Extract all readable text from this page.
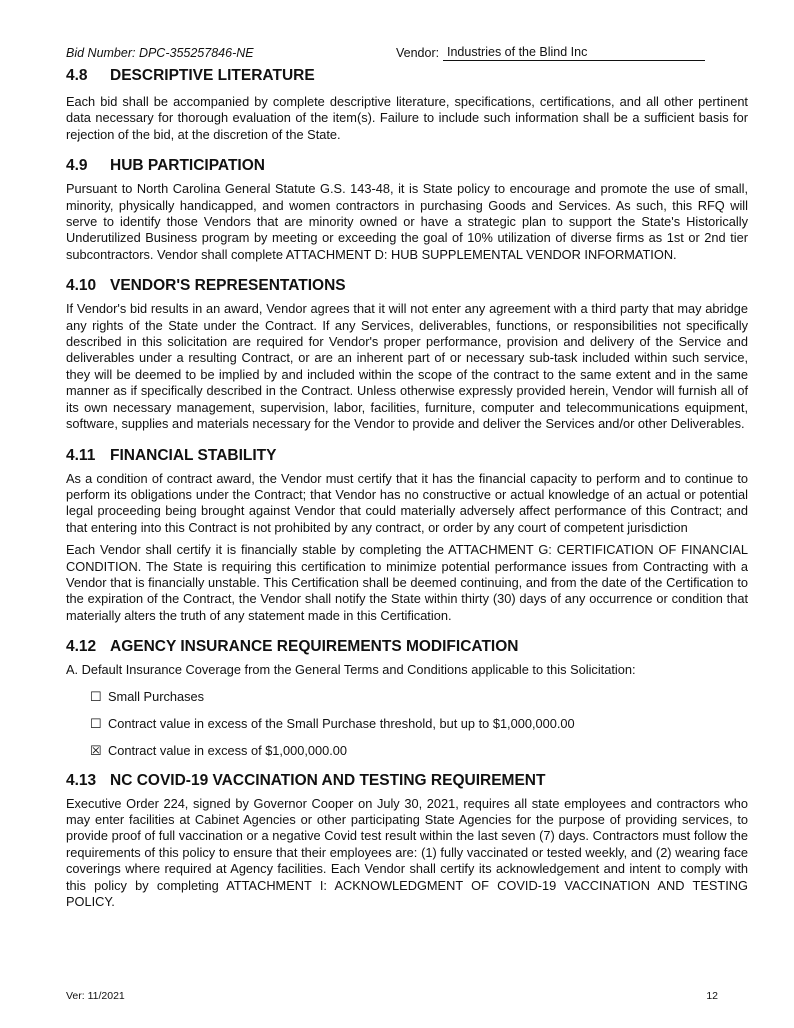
Bid Number: DPC-355257846-NE	Vendor: Industries of the Blind Inc
4.8	DESCRIPTIVE LITERATURE

Each bid shall be accompanied by complete descriptive literature, specifications, certifications, and all other pertinent data necessary for thorough evaluation of the item(s). Failure to include such information shall be a sufficient basis for rejection of the bid, at the discretion of the State.

4.9	HUB PARTICIPATION

Pursuant to North Carolina General Statute G.S. 143-48, it is State policy to encourage and promote the use of small, minority, physically handicapped, and women contractors in purchasing Goods and Services. As such, this RFQ will serve to identify those Vendors that are minority owned or have a strategic plan to support the State's Historically Underutilized Business program by meeting or exceeding the goal of 10% utilization of diverse firms as 1st or 2nd tier subcontractors. Vendor shall complete ATTACHMENT D: HUB SUPPLEMENTAL VENDOR INFORMATION.

4.10 VENDOR'S REPRESENTATIONS

If Vendor's bid results in an award, Vendor agrees that it will not enter any agreement with a third party that may abridge any rights of the State under the Contract. If any Services, deliverables, functions, or responsibilities not specifically described in this solicitation are required for Vendor's proper performance, provision and delivery of the Service and deliverables under a resulting Contract, or are an inherent part of or necessary sub-task included within such service, they will be deemed to be implied by and included within the scope of the contract to the same extent and in the same manner as if specifically described in the Contract. Unless otherwise expressly provided herein, Vendor will furnish all of its own necessary management, supervision, labor, facilities, furniture, computer and telecommunications equipment, software, supplies and materials necessary for the Vendor to provide and deliver the Services and/or other Deliverables.

4.11 FINANCIAL STABILITY

As a condition of contract award, the Vendor must certify that it has the financial capacity to perform and to continue to perform its obligations under the Contract; that Vendor has no constructive or actual knowledge of an actual or potential legal proceeding being brought against Vendor that could materially adversely affect performance of this Contract; and that entering into this Contract is not prohibited by any contract, or order by any court of competent jurisdiction

Each Vendor shall certify it is financially stable by completing the ATTACHMENT G: CERTIFICATION OF FINANCIAL CONDITION. The State is requiring this certification to minimize potential performance issues from Contracting with a Vendor that is financially unstable. This Certification shall be deemed continuing, and from the date of the Certification to the expiration of the Contract, the Vendor shall notify the State within thirty (30) days of any occurrence or condition that materially alters the truth of any statement made in this Certification.

4.12 AGENCY INSURANCE REQUIREMENTS MODIFICATION

A. Default Insurance Coverage from the General Terms and Conditions applicable to this Solicitation:

☐ Small Purchases
☐ Contract value in excess of the Small Purchase threshold, but up to $1,000,000.00
☒ Contract value in excess of $1,000,000.00
4.13 NC COVID-19 VACCINATION AND TESTING REQUIREMENT

Executive Order 224, signed by Governor Cooper on July 30, 2021, requires all state employees and contractors who may enter facilities at Cabinet Agencies or other participating State Agencies for the purpose of providing services, to provide proof of full vaccination or a negative Covid test result within the last seven (7) days. Contractors must follow the requirements of this policy to ensure that their employees are: (1) fully vaccinated or tested weekly, and (2) wearing face coverings where required at Agency facilities. Each Vendor shall certify its acknowledgement and intent to comply with this policy by completing ATTACHMENT I: ACKNOWLEDGMENT OF COVID-19 VACCINATION AND TESTING POLICY.

Ver: 11/2021	12
